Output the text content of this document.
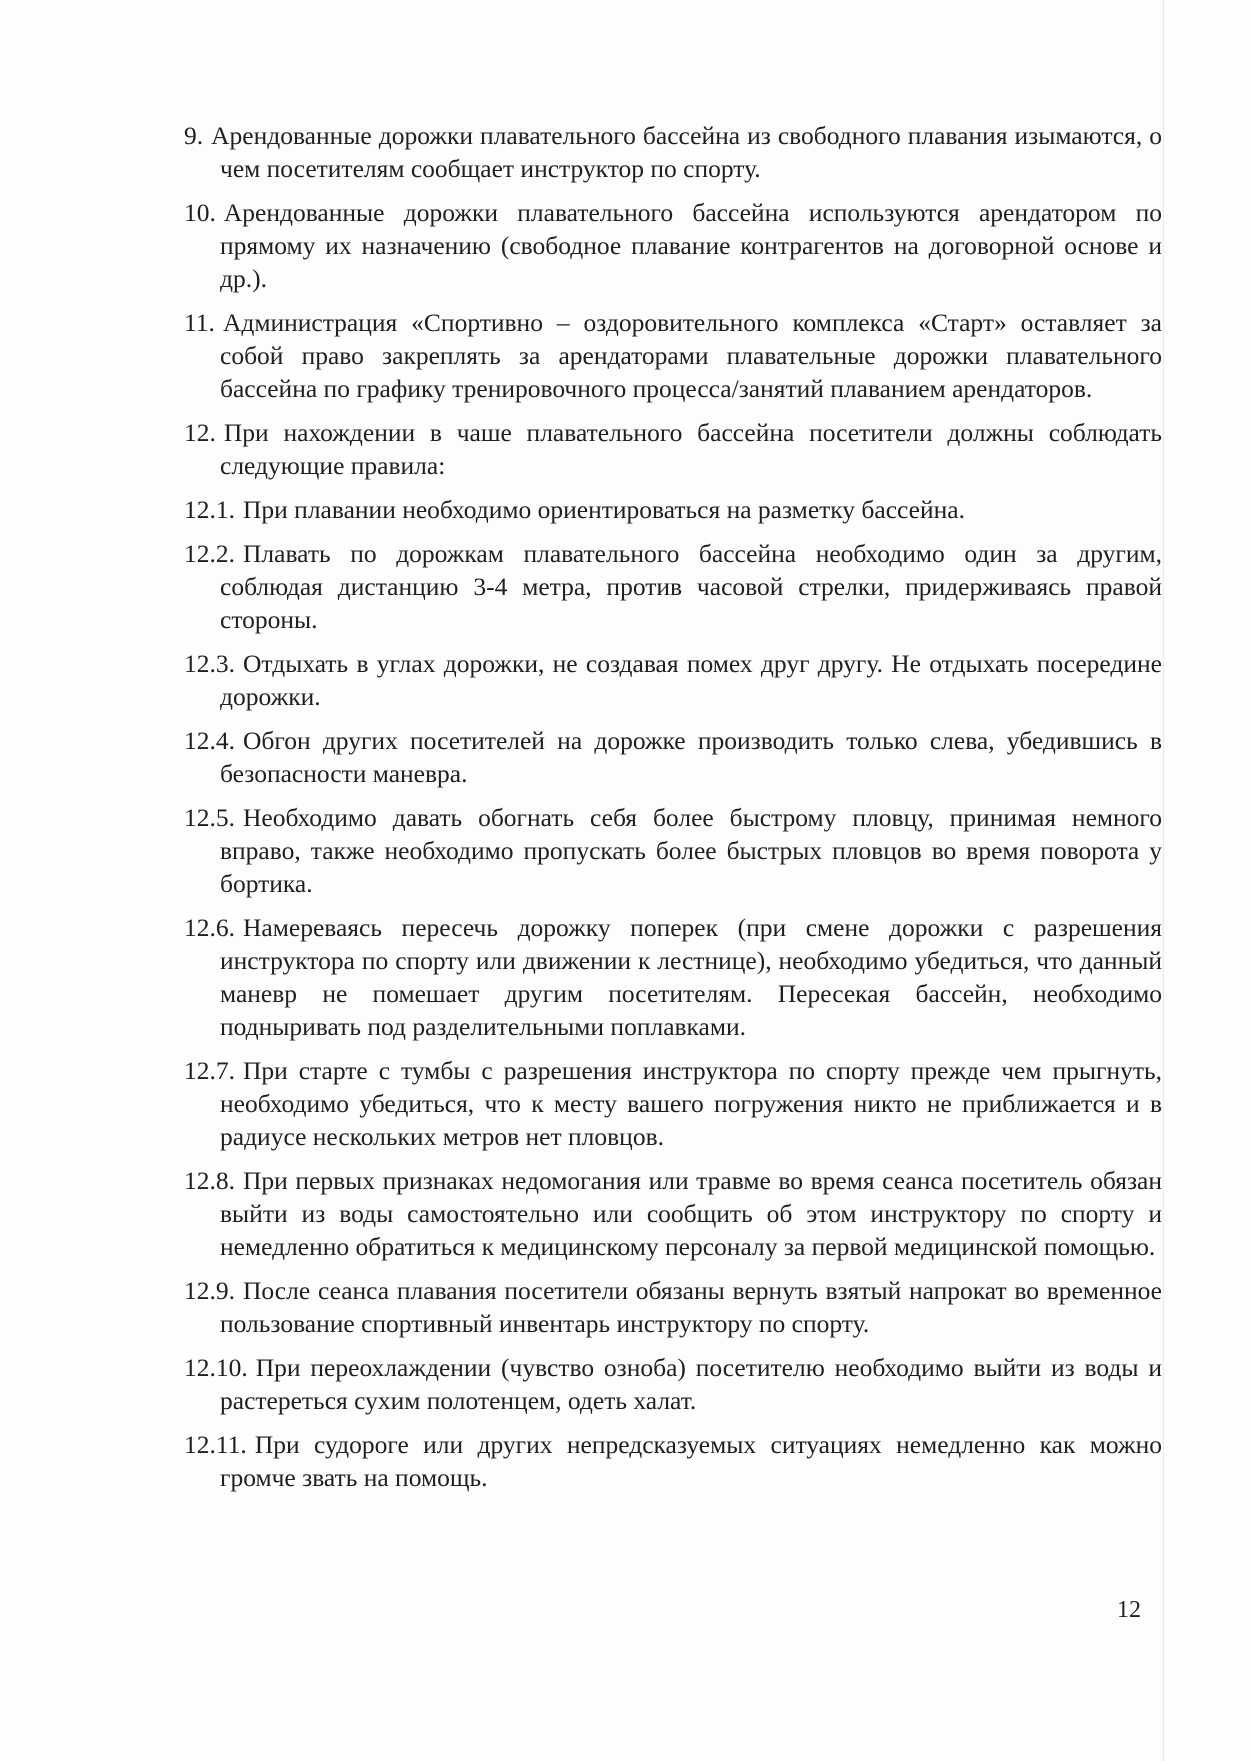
9. Арендованные дорожки плавательного бассейна из свободного плавания изымаются, о чем посетителям сообщает инструктор по спорту.

10. Арендованные дорожки плавательного бассейна используются арендатором по прямому их назначению (свободное плавание контрагентов на договорной основе и др.).

11. Администрация «Спортивно – оздоровительного комплекса «Старт» оставляет за собой право закреплять за арендаторами плавательные дорожки плавательного бассейна по графику тренировочного процесса/занятий плаванием арендаторов.

12. При нахождении в чаше плавательного бассейна посетители должны соблюдать следующие правила:

12.1. При плавании необходимо ориентироваться на разметку бассейна.

12.2. Плавать по дорожкам плавательного бассейна необходимо один за другим, соблюдая дистанцию 3-4 метра, против часовой стрелки, придерживаясь правой стороны.

12.3. Отдыхать в углах дорожки, не создавая помех друг другу. Не отдыхать посередине дорожки.

12.4. Обгон других посетителей на дорожке производить только слева, убедившись в безопасности маневра.

12.5. Необходимо давать обогнать себя более быстрому пловцу, принимая немного вправо, также необходимо пропускать более быстрых пловцов во время поворота у бортика.

12.6. Намереваясь пересечь дорожку поперек (при смене дорожки с разрешения инструктора по спорту или движении к лестнице), необходимо убедиться, что данный маневр не помешает другим посетителям. Пересекая бассейн, необходимо подныривать под разделительными поплавками.

12.7. При старте с тумбы с разрешения инструктора по спорту прежде чем прыгнуть, необходимо убедиться, что к месту вашего погружения никто не приближается и в радиусе нескольких метров нет пловцов.

12.8. При первых признаках недомогания или травме во время сеанса посетитель обязан выйти из воды самостоятельно или сообщить об этом инструктору по спорту и немедленно обратиться к медицинскому персоналу за первой медицинской помощью.

12.9. После сеанса плавания посетители обязаны вернуть взятый напрокат во временное пользование спортивный инвентарь инструктору по спорту.

12.10. При переохлаждении (чувство озноба) посетителю необходимо выйти из воды и растереться сухим полотенцем, одеть халат.

12.11. При судороге или других непредсказуемых ситуациях немедленно как можно громче звать на помощь.

12
